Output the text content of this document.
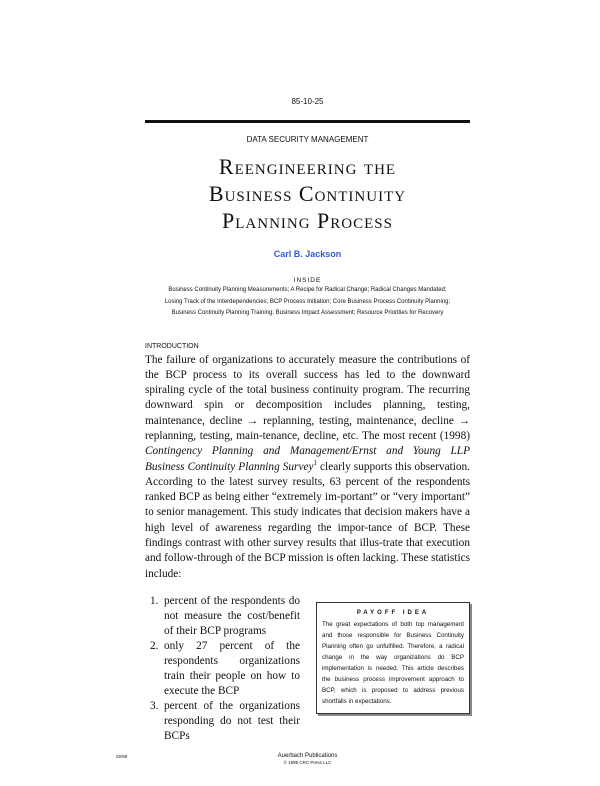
85-10-25
DATA SECURITY MANAGEMENT
Reengineering the
Business Continuity
Planning Process
Carl B. Jackson
INSIDE
Business Continuity Planning Measurements; A Recipe for Radical Change; Radical Changes Mandated;
Losing Track of the Interdependencies; BCP Process Initiation; Core Business Process Continuity Planning;
Business Continuity Planning Training; Business Impact Assessment; Resource Priorities for Recovery
INTRODUCTION
The failure of organizations to accurately measure the contributions of the BCP process to its overall success has led to the downward spiraling cycle of the total business continuity program. The recurring downward spin or decomposition includes planning, testing, maintenance, decline → replanning, testing, maintenance, decline → replanning, testing, main-tenance, decline, etc. The most recent (1998) Contingency Planning and Management/Ernst and Young LLP Business Continuity Planning Survey$^1$ clearly supports this observation. According to the latest survey results, 63 percent of the respondents ranked BCP as being either “extremely im-portant” or “very important” to senior management. This study indicates that decision makers have a high level of awareness regarding the impor-tance of BCP. These findings contrast with other survey results that illus-trate that execution and follow-through of the BCP mission is often lacking. These statistics include:
1. percent of the respondents do not measure the cost/benefit of their BCP programs
2. only 27 percent of the respondents organizations train their people on how to execute the BCP
3. percent of the organizations responding do not test their BCPs
PAYOFF IDEA
The great expectations of both top management and those responsible for Business Continuity Planning often go unfulfilled. Therefore, a radical change in the way organizations do BCP implementation is needed. This article describes the business process improvement approach to BCP, which is proposed to address previous shortfalls in expectations.
02/99	Auerbach Publications
© 1999 CRC Press LLC
